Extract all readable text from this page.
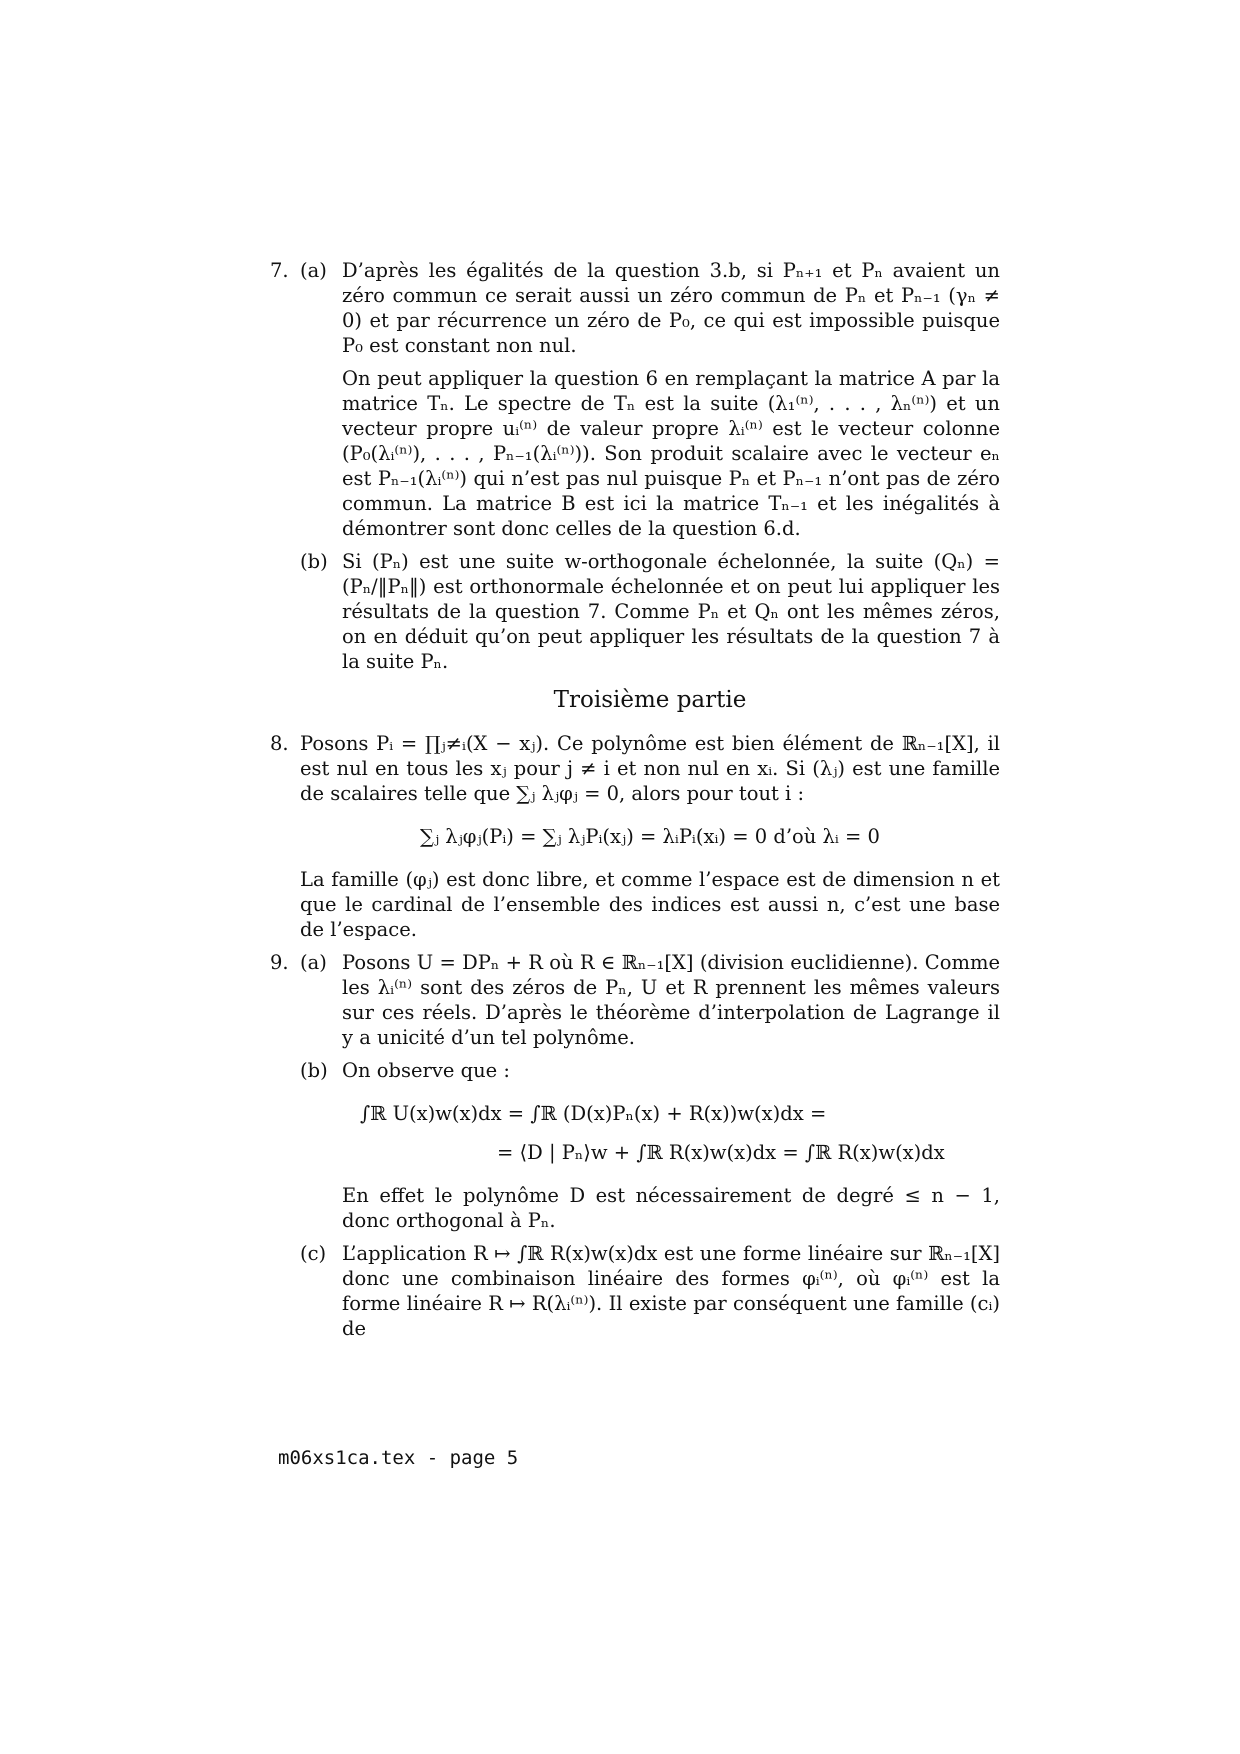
7. (a) D’après les égalités de la question 3.b, si Pₙ₊₁ et Pₙ avaient un zéro commun ce serait aussi un zéro commun de Pₙ et Pₙ₋₁ (γₙ ≠ 0) et par récurrence un zéro de P₀, ce qui est impossible puisque P₀ est constant non nul.

On peut appliquer la question 6 en remplaçant la matrice A par la matrice Tₙ. Le spectre de Tₙ est la suite (λ₁⁽ⁿ⁾, . . . , λₙ⁽ⁿ⁾) et un vecteur propre uᵢ⁽ⁿ⁾ de valeur propre λᵢ⁽ⁿ⁾ est le vecteur colonne (P₀(λᵢ⁽ⁿ⁾), . . . , Pₙ₋₁(λᵢ⁽ⁿ⁾)). Son produit scalaire avec le vecteur eₙ est Pₙ₋₁(λᵢ⁽ⁿ⁾) qui n’est pas nul puisque Pₙ et Pₙ₋₁ n’ont pas de zéro commun. La matrice B est ici la matrice Tₙ₋₁ et les inégalités à démontrer sont donc celles de la question 6.d.

(b) Si (Pₙ) est une suite w-orthogonale échelonnée, la suite (Qₙ) = (Pₙ/‖Pₙ‖) est orthonormale échelonnée et on peut lui appliquer les résultats de la question 7. Comme Pₙ et Qₙ ont les mêmes zéros, on en déduit qu’on peut appliquer les résultats de la question 7 à la suite Pₙ.

Troisième partie
8. Posons Pᵢ = ∏ⱼ≠ᵢ(X − xⱼ). Ce polynôme est bien élément de ℝₙ₋₁[X], il est nul en tous les xⱼ pour j ≠ i et non nul en xᵢ. Si (λⱼ) est une famille de scalaires telle que ∑ⱼ λⱼφⱼ = 0, alors pour tout i :

∑ⱼ λⱼφⱼ(Pᵢ) = ∑ⱼ λⱼPᵢ(xⱼ) = λᵢPᵢ(xᵢ) = 0 d’où λᵢ = 0

La famille (φⱼ) est donc libre, et comme l’espace est de dimension n et que le cardinal de l’ensemble des indices est aussi n, c’est une base de l’espace.

9. (a) Posons U = DPₙ + R où R ∈ ℝₙ₋₁[X] (division euclidienne). Comme les λᵢ⁽ⁿ⁾ sont des zéros de Pₙ, U et R prennent les mêmes valeurs sur ces réels. D’après le théorème d’interpolation de Lagrange il y a unicité d’un tel polynôme.

(b) On observe que :

∫ℝ U(x)w(x)dx = ∫ℝ (D(x)Pₙ(x) + R(x))w(x)dx =
= ⟨D | Pₙ⟩w + ∫ℝ R(x)w(x)dx = ∫ℝ R(x)w(x)dx

En effet le polynôme D est nécessairement de degré ≤ n − 1, donc orthogonal à Pₙ.

(c) L’application R ↦ ∫ℝ R(x)w(x)dx est une forme linéaire sur ℝₙ₋₁[X] donc une combinaison linéaire des formes φᵢ⁽ⁿ⁾, où φᵢ⁽ⁿ⁾ est la forme linéaire R ↦ R(λᵢ⁽ⁿ⁾). Il existe par conséquent une famille (cᵢ) de

m06xs1ca.tex - page 5
